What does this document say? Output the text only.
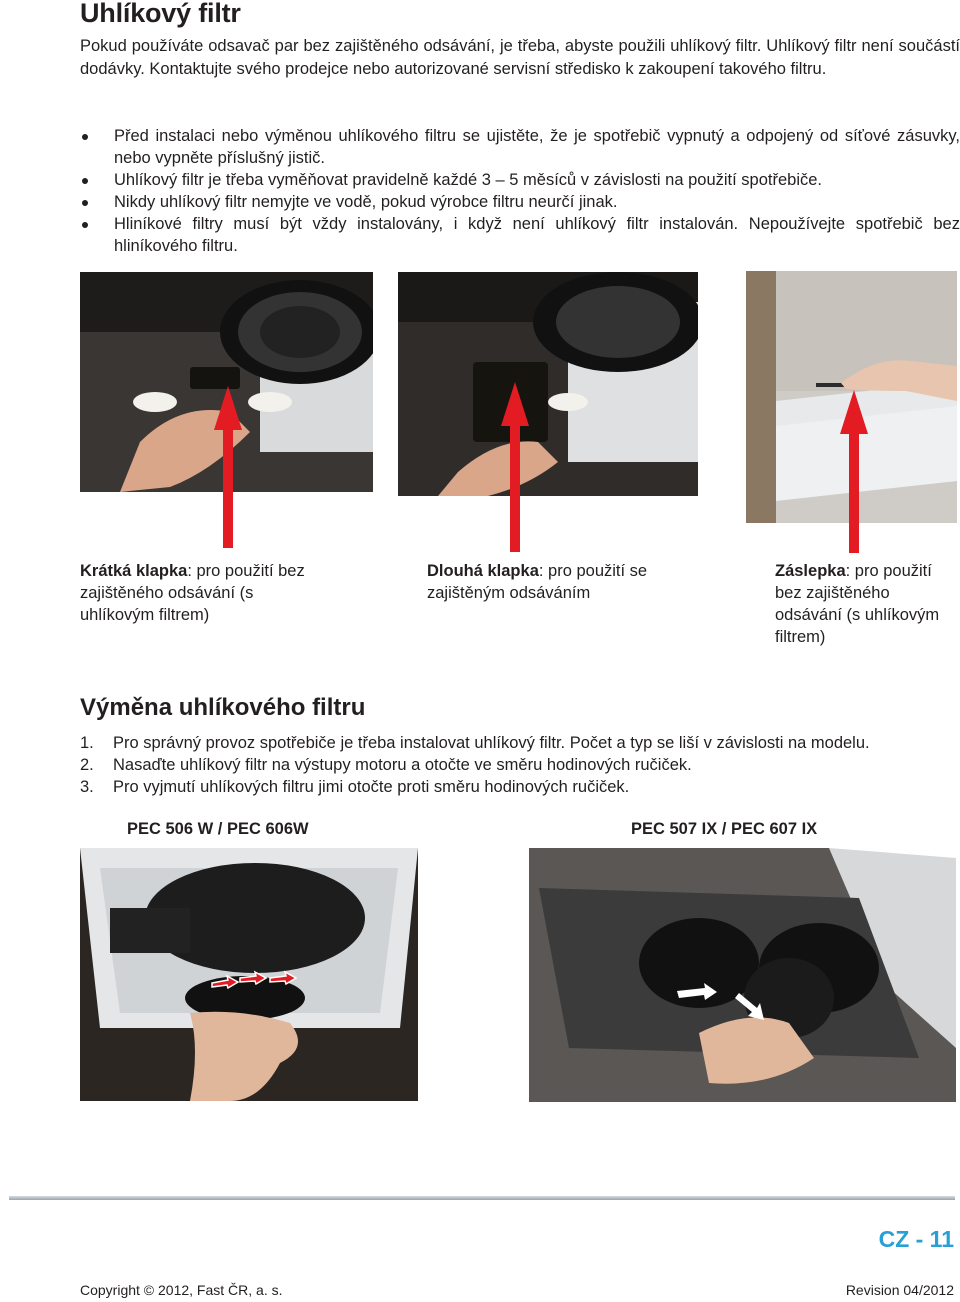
Uhlíkový filtr

Pokud používáte odsavač par bez zajištěného odsávání, je třeba, abyste použili uhlíkový filtr. Uhlíkový filtr není součástí dodávky. Kontaktujte svého prodejce nebo autorizované servisní středisko k zakoupení takového filtru.

Před instalaci nebo výměnou uhlíkového filtru se ujistěte, že je spotřebič vypnutý a odpojený od síťové zásuvky, nebo vypněte příslušný jistič.
Uhlíkový filtr je třeba vyměňovat pravidelně každé 3 – 5 měsíců v závislosti na použití spotřebiče.
Nikdy uhlíkový filtr nemyjte ve vodě, pokud výrobce filtru neurčí jinak.
Hliníkové filtry musí být vždy instalovány, i když není uhlíkový filtr instalován. Nepoužívejte spotřebič bez hliníkového filtru.

Krátká klapka: pro použití bez zajištěného odsávání (s uhlíkovým filtrem)

Dlouhá klapka: pro použití se zajištěným odsáváním

Záslepka: pro použití bez zajištěného odsávání (s uhlíkovým filtrem)

Výměna uhlíkového filtru
1. Pro správný provoz spotřebiče je třeba instalovat uhlíkový filtr. Počet a typ se liší v závislosti na modelu.
2. Nasaďte uhlíkový filtr na výstupy motoru a otočte ve směru hodinových ručiček.
3. Pro vyjmutí uhlíkových filtru jimi otočte proti směru hodinových ručiček.
PEC 506 W / PEC 606W	PEC 507 IX / PEC 607 IX
CZ - 11
Copyright © 2012, Fast ČR, a. s.	Revision 04/2012
